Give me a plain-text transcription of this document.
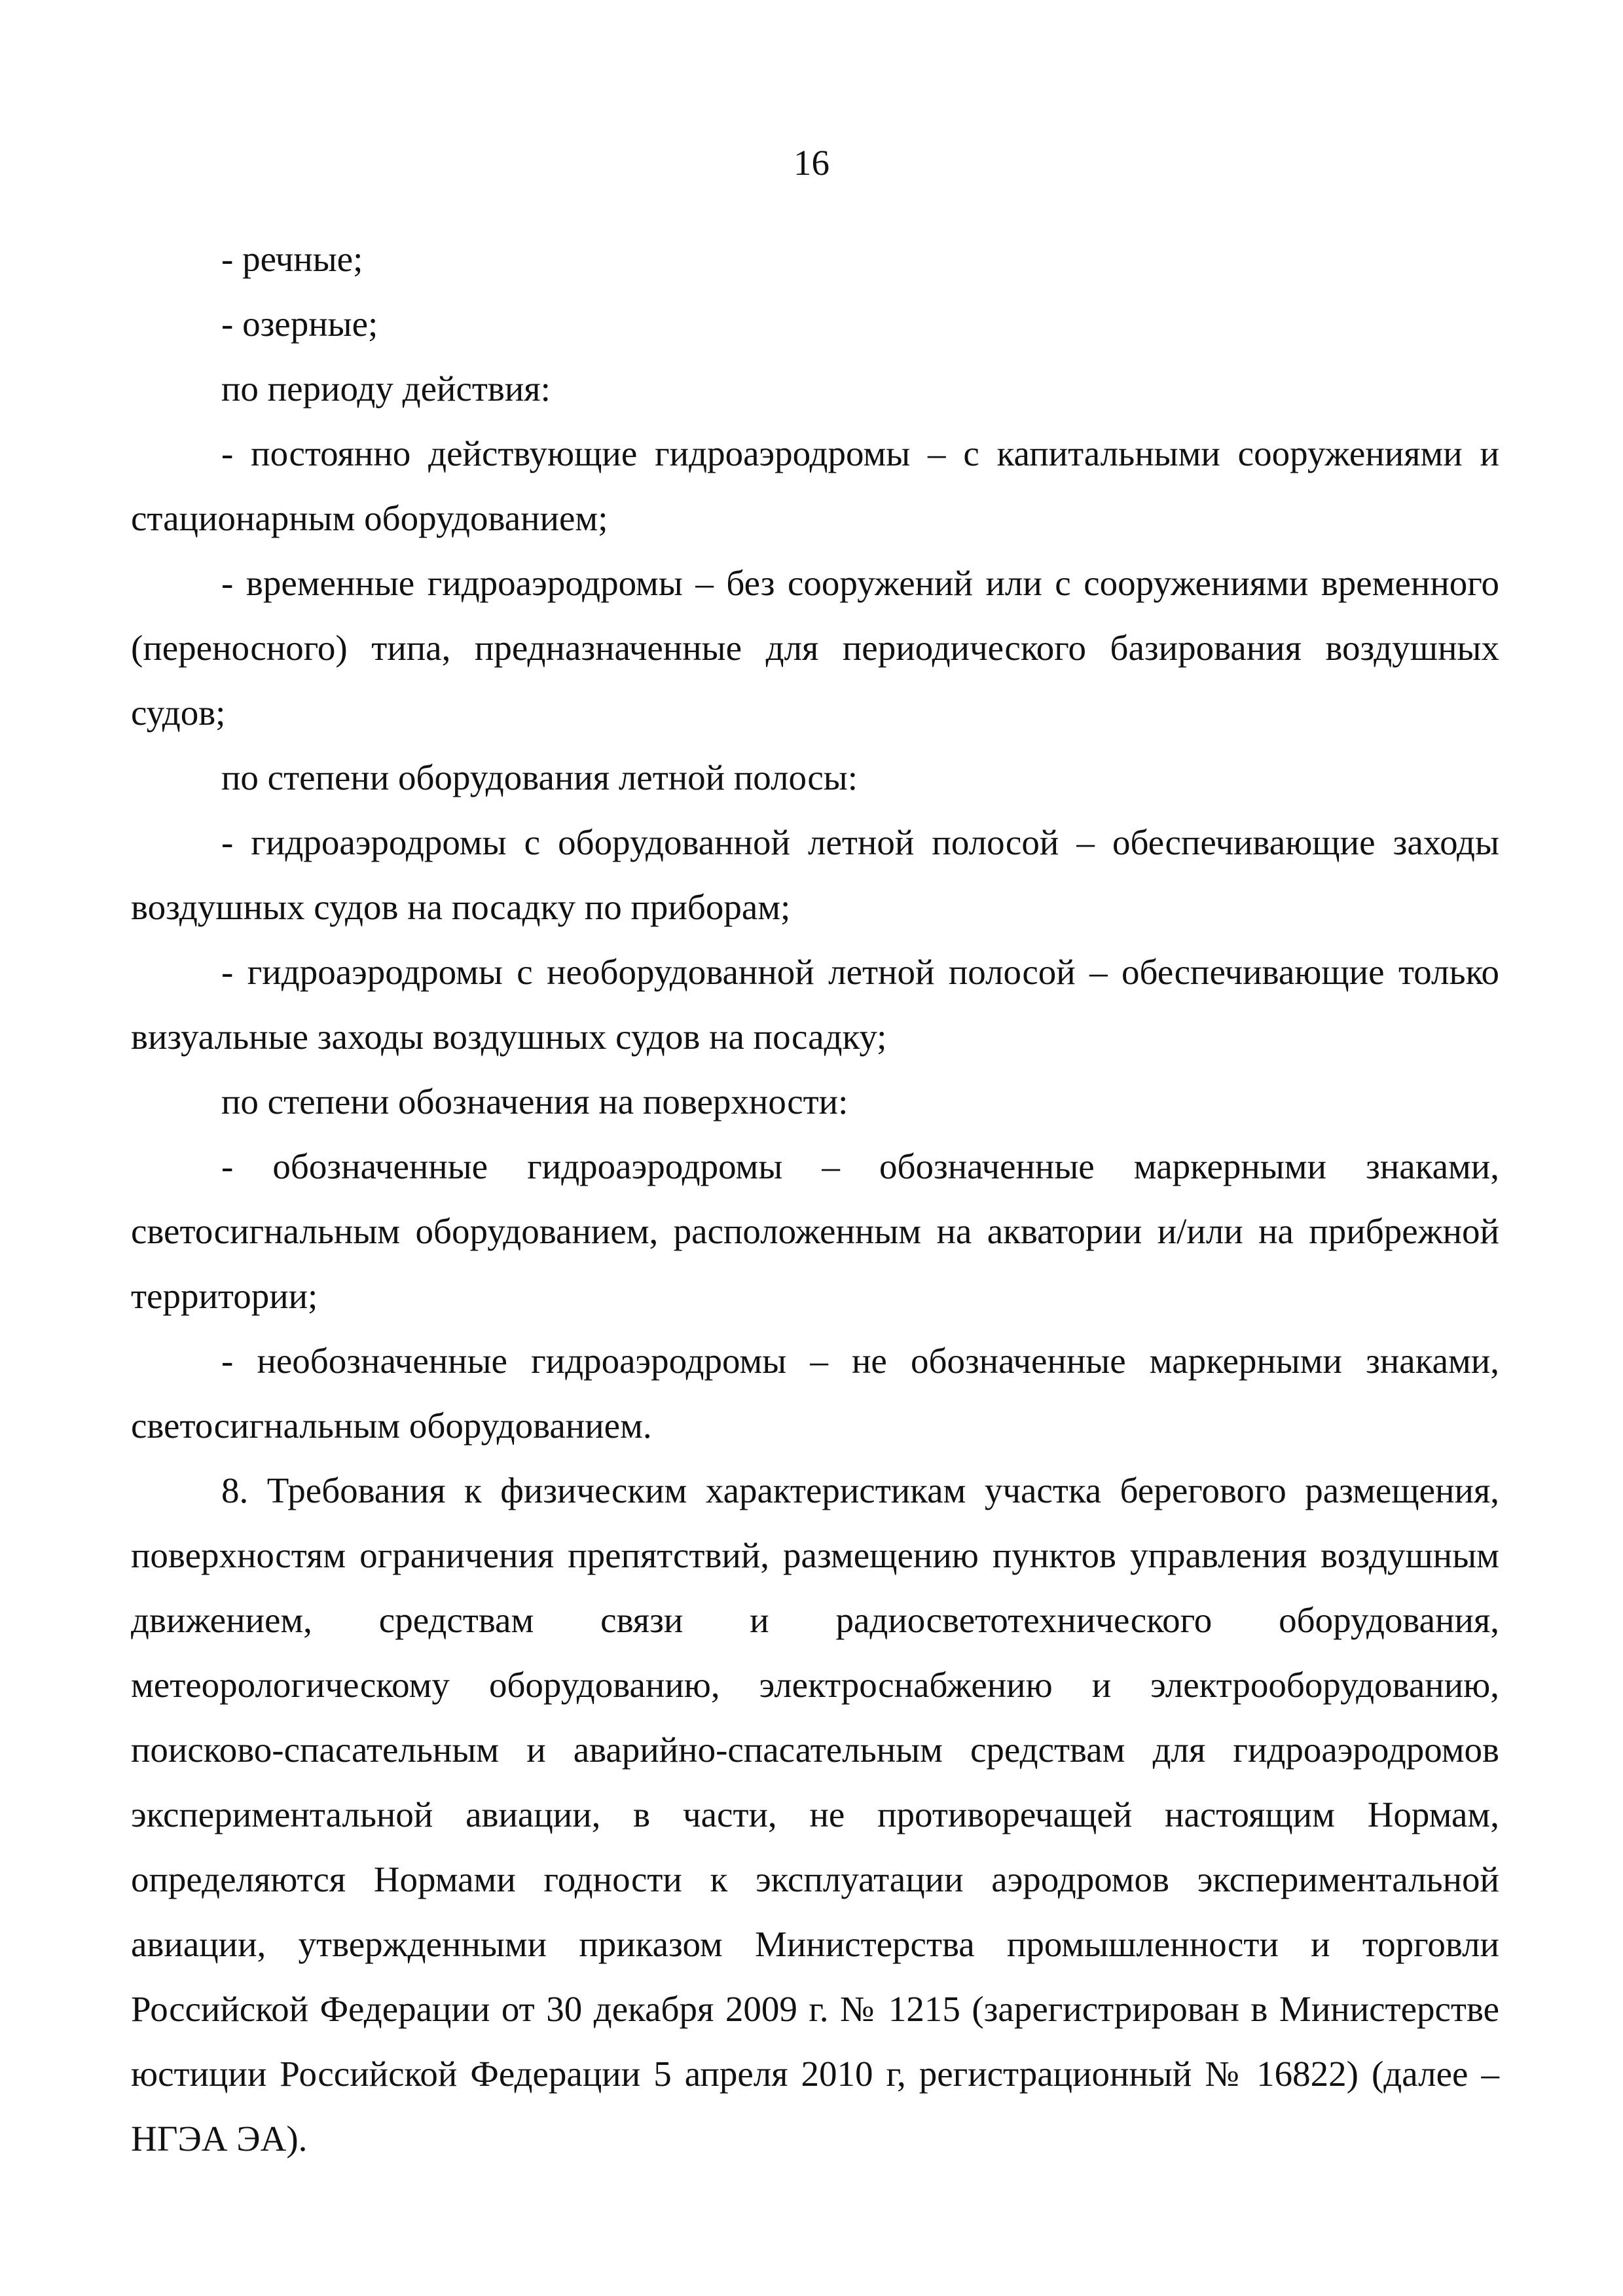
16

- речные;

- озерные;

по периоду действия:

- постоянно действующие гидроаэродромы – с капитальными сооружениями и стационарным оборудованием;

- временные гидроаэродромы – без сооружений или с сооружениями временного (переносного) типа, предназначенные для периодического базирования воздушных судов;

по степени оборудования летной полосы:

- гидроаэродромы с оборудованной летной полосой – обеспечивающие заходы воздушных судов на посадку по приборам;

- гидроаэродромы с необорудованной летной полосой – обеспечивающие только визуальные заходы воздушных судов на посадку;

по степени обозначения на поверхности:

- обозначенные гидроаэродромы – обозначенные маркерными знаками, светосигнальным оборудованием, расположенным на акватории и/или на прибрежной территории;

- необозначенные гидроаэродромы – не обозначенные маркерными знаками, светосигнальным оборудованием.

8. Требования к физическим характеристикам участка берегового размещения, поверхностям ограничения препятствий, размещению пунктов управления воздушным движением, средствам связи и радиосветотехнического оборудования, метеорологическому оборудованию, электроснабжению и электрооборудованию, поисково-спасательным и аварийно-спасательным средствам для гидроаэродромов экспериментальной авиации, в части, не противоречащей настоящим Нормам, определяются Нормами годности к эксплуатации аэродромов экспериментальной авиации, утвержденными приказом Министерства промышленности и торговли Российской Федерации от 30 декабря 2009 г. № 1215 (зарегистрирован в Министерстве юстиции Российской Федерации 5 апреля 2010 г, регистрационный № 16822) (далее – НГЭА ЭА).
